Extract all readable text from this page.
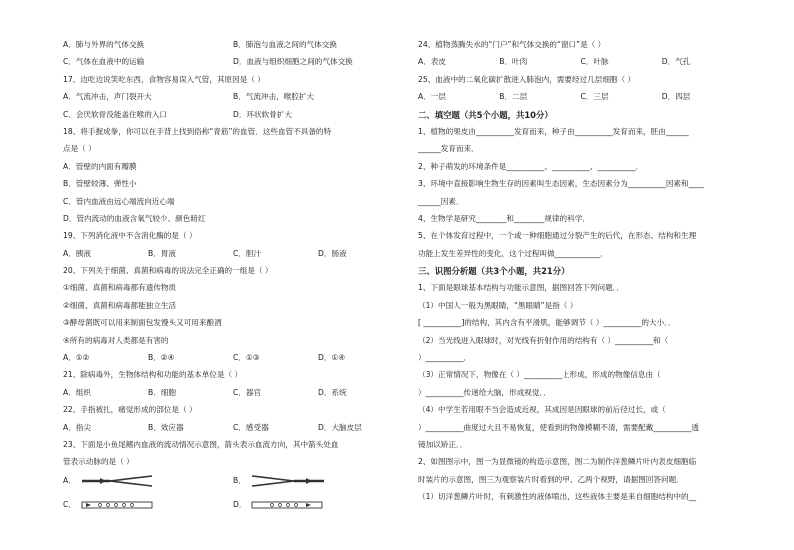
A．肺与外界的气体交换	B．肺泡与血液之间的气体交换
C．气体在血液中的运输	D．血液与组织细胞之间的气体交换
17、边吃边说笑吃东西，食物容易误入气管，其原因是（ ）
A．气流冲击，声门裂开大	B．气流冲击，喉腔扩大
C．会厌软骨没能盖住喉的入口	D．环状软骨扩大
18、将手握成拳，你可以在手背上找到俗称“青筋”的血管．这些血管不具备的特
点是（ ）
A．管壁的内面有瓣膜
B．管壁较薄、弹性小
C．管内血液由远心端流向近心端
D．管内流动的血液含氧气较少、颜色暗红
19、下列消化液中不含消化酶的是（ ）
A．胰液	B．胃液	C．胆汁	D．肠液
20、下列关于细菌、真菌和病毒的说法完全正确的一组是（ ）
①细菌、真菌和病毒都有遗传物质
②细菌、真菌和病毒都能独立生活
③酵母菌既可以用来制面包发馒头又可用来酿酒
④所有的病毒对人类都是有害的
A．①②	B．②④	C．①③	D．①④
21、除病毒外，生物体结构和功能的基本单位是（ ）
A．组织	B．细胞	C．器官	D．系统
22、手指被扎，痛觉形成的部位是（ ）
A．指尖	B．效应器	C．感受器	D．大脑皮层
23、下面是小鱼尾鳍内血液的流动情况示意图，箭头表示血流方向，其中箭头处血
管表示动脉的是（ ）
A．	B．
C．	D．
24、植物蒸腾失水的“门户”和气体交换的“窗口”是（ ）
A．表皮	B．叶肉	C．叶脉	D．气孔
25、血液中的二氧化碳扩散进入肺泡内，需要经过几层细胞（ ）
A．一层	B．二层	C．三层	D．四层
二、填空题（共5个小题，共10分）
1、植物的果皮由__________发育而来，种子由__________发育而来，胚由______
______发育而来．
2、种子萌发的环境条件是__________、__________、__________．
3、环境中直接影响生物生存的因素叫生态因素，生态因素分为__________因素和____
______因素．
4、生物学是研究________和________规律的科学．
5、在个体发育过程中，一个或一种细胞通过分裂产生的后代，在形态、结构和生理
功能上发生差异性的变化，这个过程叫做____________．
三、识图分析题（共3个小题，共21分）
1、下面是眼球基本结构与功能示意图，据图回答下列问题．．
（1）中国人一般为黑眼睛，“黑眼睛”是指（ ）
[ __________]的结构，其内含有平滑肌，能够调节（ ）__________的大小．．
（2）当光线进入眼球时，对光线有折射作用的结构有（ ）__________和（
）__________．
（3）正常情况下，物像在（ ）__________上形成，形成的物像信息由（
）__________传递给大脑，形成视觉．．
（4）中学生若用眼不当会造成近视，其成因是因眼球的前后径过长，或（
）__________曲度过大且不易恢复，使看到的物像模糊不清，需要配戴__________透
镜加以矫正．．
2、如图图示中，图一为显微镜的构造示意图，图二为制作洋葱鳞片叶内表皮细胞临
时装片的示意图，图三为观察装片时看到的甲、乙两个视野，请据图回答问题．
（1）切洋葱鳞片叶时，有刺激性的液体喷出，这些液体主要是来自细胞结构中的__
